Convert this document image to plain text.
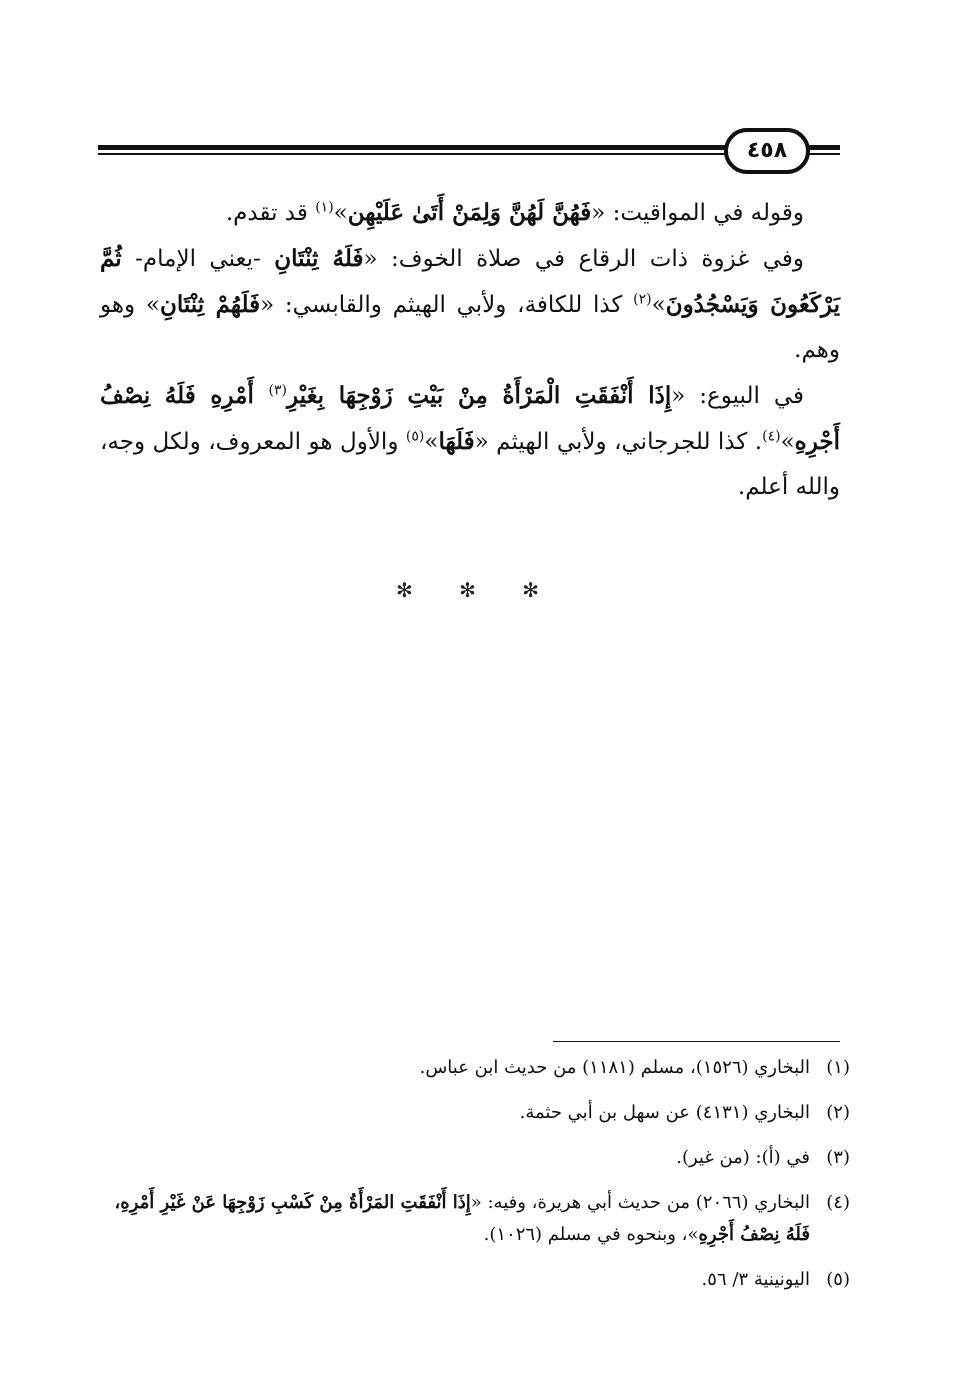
٤٥٨

وقوله في المواقيت: «فَهُنَّ لَهُنَّ وَلِمَنْ أَتَىٰ عَلَيْهِن»$^{(١)}$ قد تقدم.

وفي غزوة ذات الرقاع في صلاة الخوف: «فَلَهُ ثِنْتَانِ -يعني الإمام- ثُمَّ يَرْكَعُونَ وَيَسْجُدُونَ»$^{(٢)}$ كذا للكافة، ولأبي الهيثم والقابسي: «فَلَهُمْ ثِنْتَانِ» وهو وهم.

في البيوع: «إِذَا أَنْفَقَتِ الْمَرْأَةُ مِنْ بَيْتِ زَوْجِهَا بِغَيْرِ$^{(٣)}$ أَمْرِهِ فَلَهُ نِصْفُ أَجْرِهِ»$^{(٤)}$. كذا للجرجاني، ولأبي الهيثم «فَلَهَا»$^{(٥)}$ والأول هو المعروف، ولكل وجه، والله أعلم.

✻ ✻ ✻
(١)
البخاري (١٥٢٦)، مسلم (١١٨١) من حديث ابن عباس.
(٢)
البخاري (٤١٣١) عن سهل بن أبي حثمة.
(٣)
في (أ): (من غير).
(٤)
البخاري (٢٠٦٦) من حديث أبي هريرة، وفيه: «إِذَا أَنْفَقَتِ المَرْأَةُ مِنْ كَسْبِ زَوْجِهَا عَنْ غَيْرِ أَمْرِهِ، فَلَهُ نِصْفُ أَجْرِهِ»، وبنحوه في مسلم (١٠٢٦).
(٥)
اليونينية ٣/ ٥٦.
